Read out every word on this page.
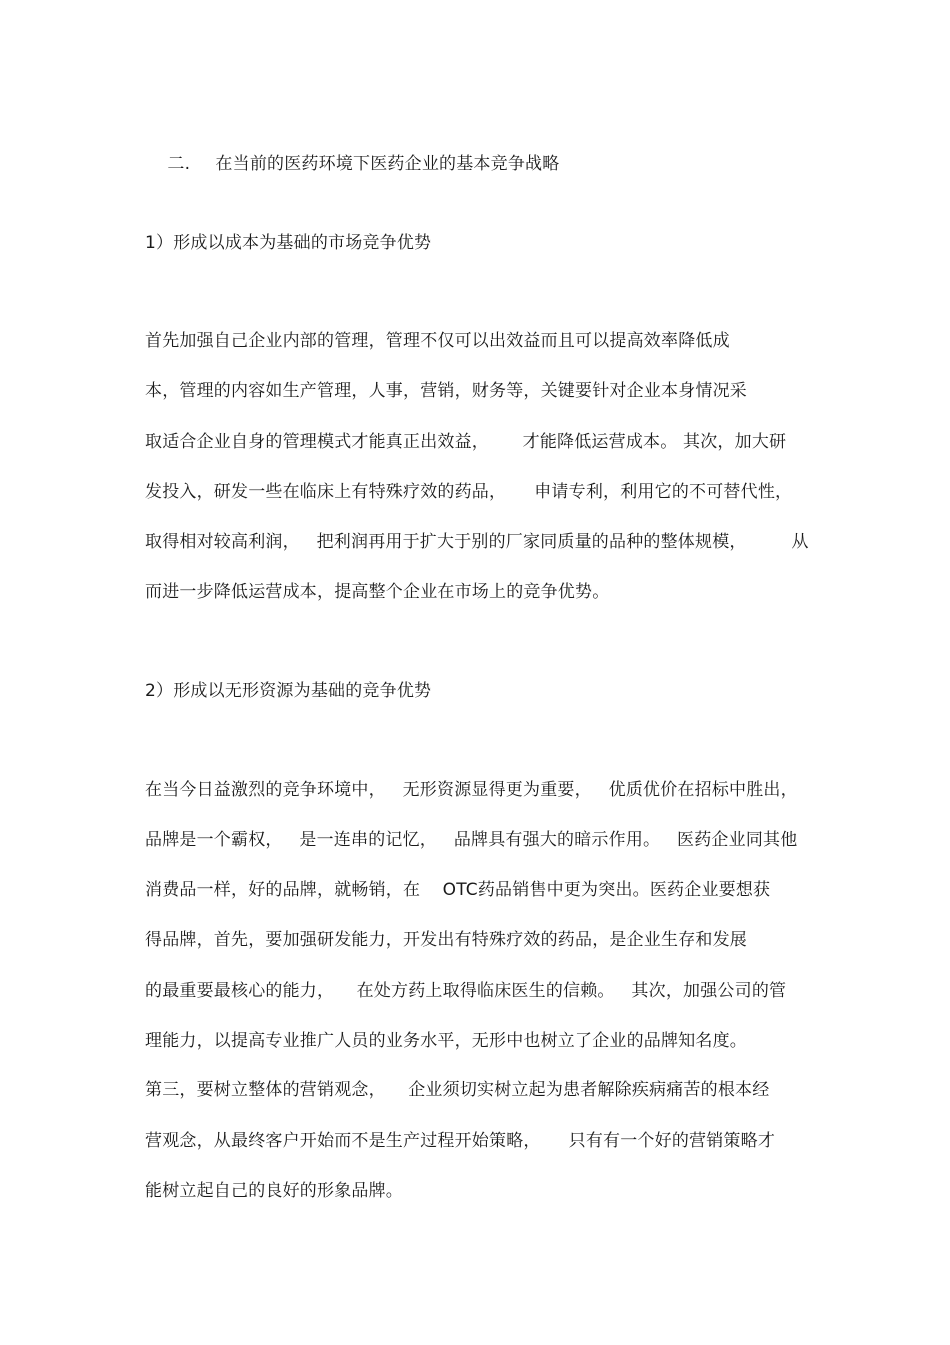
二. 在当前的医药环境下医药企业的基本竞争战略

1）形成以成本为基础的市场竞争优势
首先加强自己企业内部的管理，管理不仅可以出效益而且可以提高效率降低成
本，管理的内容如生产管理，人事，营销，财务等，关键要针对企业本身情况采
取适合企业自身的管理模式才能真正出效益，      才能降低运营成本。 其次，加大研
发投入，研发一些在临床上有特殊疗效的药品，     申请专利，利用它的不可替代性，
取得相对较高利润，   把利润再用于扩大于别的厂家同质量的品种的整体规模，        从
而进一步降低运营成本，提高整个企业在市场上的竞争优势。
2）形成以无形资源为基础的竞争优势
在当今日益激烈的竞争环境中，   无形资源显得更为重要，   优质优价在招标中胜出，
品牌是一个霸权，   是一连串的记忆，   品牌具有强大的暗示作用。   医药企业同其他
消费品一样，好的品牌，就畅销，在    OTC药品销售中更为突出。医药企业要想获
得品牌，首先，要加强研发能力，开发出有特殊疗效的药品，是企业生存和发展
的最重要最核心的能力，    在处方药上取得临床医生的信赖。   其次，加强公司的管
理能力，以提高专业推广人员的业务水平，无形中也树立了企业的品牌知名度。
第三，要树立整体的营销观念，    企业须切实树立起为患者解除疾病痛苦的根本经
营观念，从最终客户开始而不是生产过程开始策略，     只有有一个好的营销策略才
能树立起自己的良好的形象品牌。
